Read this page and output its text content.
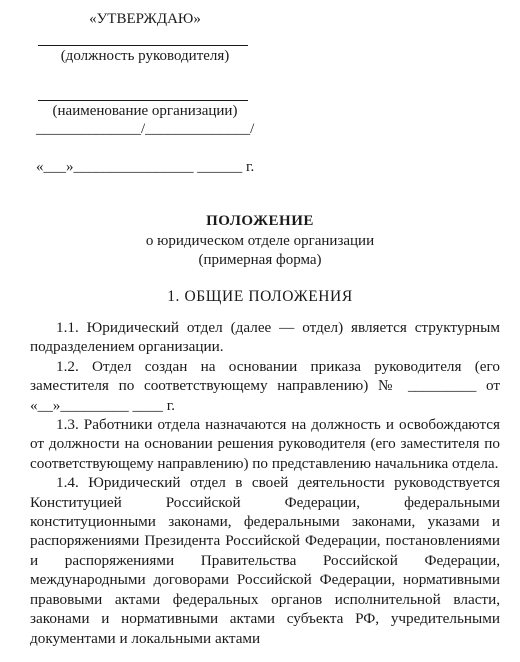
«УТВЕРЖДАЮ»
(должность руководителя)
(наименование организации)
______________/______________/
«___»________________ ______ г.
ПОЛОЖЕНИЕ
о юридическом отделе организации
(примерная форма)
1. ОБЩИЕ ПОЛОЖЕНИЯ

1.1. Юридический отдел (далее — отдел) является структурным подразделением организации.

1.2. Отдел создан на основании приказа руководителя (его заместителя по соответствующему направлению) № _________ от «__»_________ ____ г.

1.3. Работники отдела назначаются на должность и освобождаются от должности на основании решения руководителя (его заместителя по соответствующему направлению) по представлению начальника отдела.

1.4. Юридический отдел в своей деятельности руководствуется Конституцией Российской Федерации, федеральными конституционными законами, федеральными законами, указами и распоряжениями Президента Российской Федерации, постановлениями и распоряжениями Правительства Российской Федерации, международными договорами Российской Федерации, нормативными правовыми актами федеральных органов исполнительной власти, законами и нормативными актами субъекта РФ, учредительными документами и локальными актами
